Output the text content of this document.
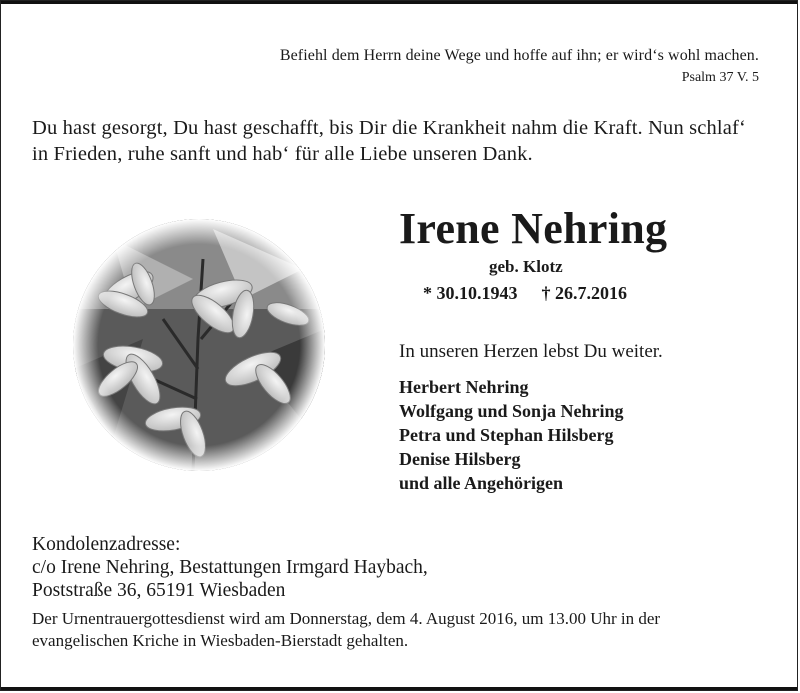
Befiehl dem Herrn deine Wege und hoffe auf ihn; er wird‘s wohl machen.
Psalm 37 V. 5
Du hast gesorgt, Du hast geschafft, bis Dir die Krankheit nahm die Kraft. Nun schlaf‘
in Frieden, ruhe sanft und hab‘ für alle Liebe unseren Dank.
Irene Nehring
geb. Klotz
* 30.10.1943 † 26.7.2016
In unseren Herzen lebst Du weiter.
Herbert Nehring
Wolfgang und Sonja Nehring
Petra und Stephan Hilsberg
Denise Hilsberg
und alle Angehörigen
Kondolenzadresse:
c/o Irene Nehring, Bestattungen Irmgard Haybach,
Poststraße 36, 65191 Wiesbaden
Der Urnentrauergottesdienst wird am Donnerstag, dem 4. August 2016, um 13.00 Uhr in der
evangelischen Kriche in Wiesbaden-Bierstadt gehalten.
